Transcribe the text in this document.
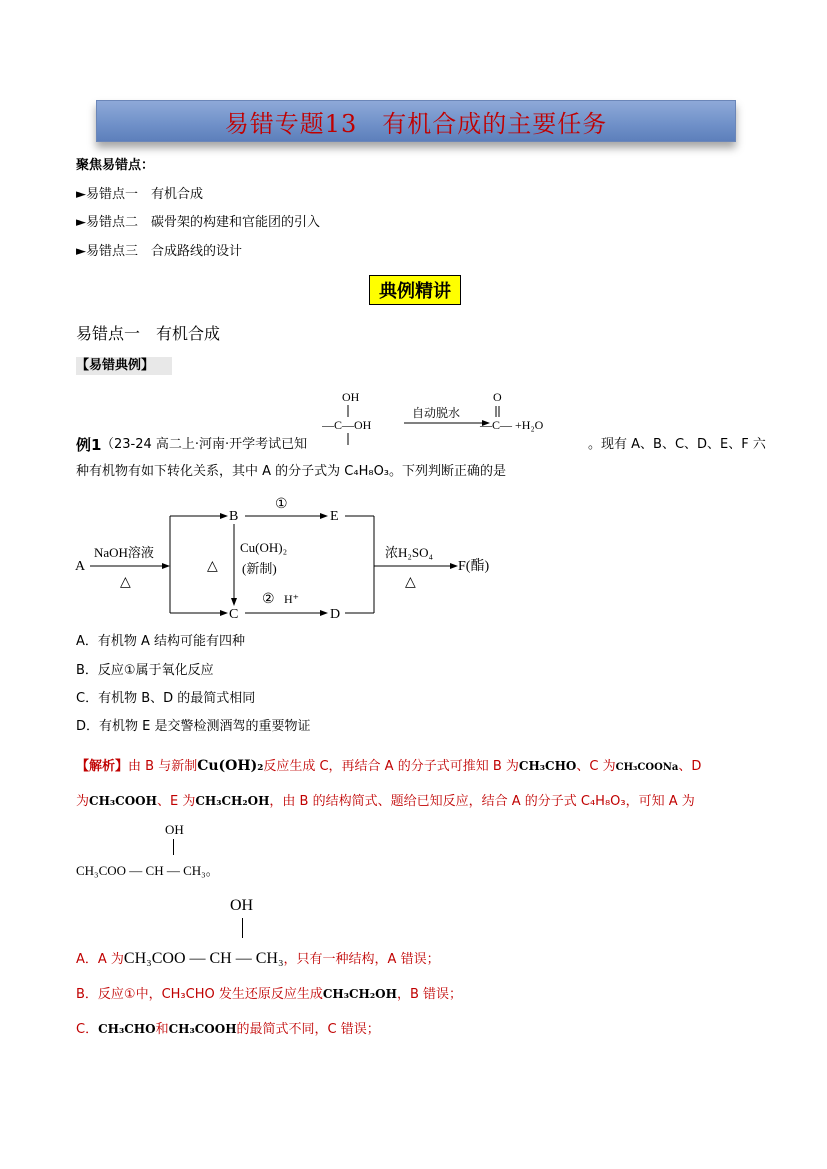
易错专题13　有机合成的主要任务
聚焦易错点：
►易错点一　有机合成
►易错点二　碳骨架的构建和官能团的引入
►易错点三　合成路线的设计
典例精讲
易错点一　有机合成
【易错典例】
例1 （23-24 高二上·河南·开学考试已知
OH
—C—OH
自动脱水
O
—C— +H₂O
。现有 A、B、C、D、E、F 六
种有机物有如下转化关系，其中 A 的分子式为 C₄H₈O₃。下列判断正确的是
A
NaOH溶液
△
B
①
E
△
Cu(OH)₂
(新制)
C
② H⁺
D
浓H₂SO₄
△
F(酯)
A．有机物 A 结构可能有四种
B．反应①属于氧化反应
C．有机物 B、D 的最简式相同
D．有机物 E 是交警检测酒驾的重要物证
【解析】由 B 与新制Cu(OH)₂反应生成 C，再结合 A 的分子式可推知 B 为CH₃CHO、C 为CH₃COONa、D
为CH₃COOH、E 为CH₃CH₂OH，由 B 的结构简式、题给已知反应，结合 A 的分子式 C₄H₈O₃，可知 A 为
OH
CH₃COO — CH — CH₃。
OH
A．A 为CH₃COO — CH — CH₃，只有一种结构，A 错误；
B．反应①中，CH₃CHO 发生还原反应生成CH₃CH₂OH，B 错误；
C．CH₃CHO和CH₃COOH的最简式不同，C 错误；
